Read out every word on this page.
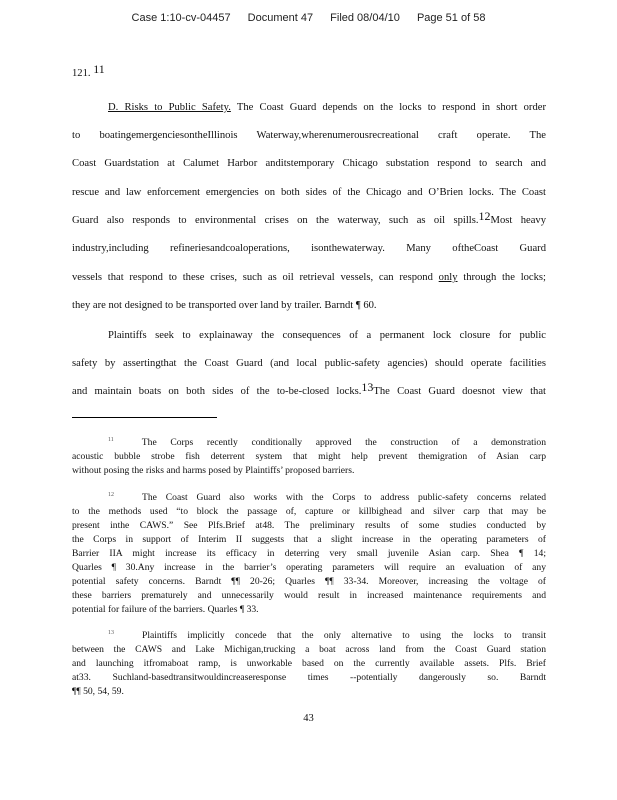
Case 1:10-cv-04457 Document 47 Filed 08/04/10 Page 51 of 58
121. $^{11}$
D. Risks to Public Safety. The Coast Guard depends on the locks to respond in short order
to boatingemergenciesontheIllinois Waterway,wherenumerousrecreational craft operate. The
Coast Guardstation at Calumet Harbor anditstemporary Chicago substation respond to search and
rescue and law enforcement emergencies on both sides of the Chicago and O’Brien locks. The Coast
Guard also responds to environmental crises on the waterway, such as oil spills.$^{12}$Most heavy
industry,including refineriesandcoaloperations, isonthewaterway. Many oftheCoast Guard
vessels that respond to these crises, such as oil retrieval vessels, can respond only through the locks;
they are not designed to be transported over land by trailer. Barndt ¶ 60.
Plaintiffs seek to explainaway the consequences of a permanent lock closure for public
safety by assertingthat the Coast Guard (and local public-safety agencies) should operate facilities
and maintain boats on both sides of the to-be-closed locks.$^{13}$The Coast Guard doesnot view that
$^{11}$	The Corps recently conditionally approved the construction of a demonstration
acoustic bubble strobe fish deterrent system that might help prevent themigration of Asian carp
without posing the risks and harms posed by Plaintiffs’ proposed barriers.
$^{12}$	The Coast Guard also works with the Corps to address public-safety concerns related
to the methods used “to block the passage of, capture or killbighead and silver carp that may be
present inthe CAWS.” See Plfs.Brief at48. The preliminary results of some studies conducted by
the Corps in support of Interim II suggests that a slight increase in the operating parameters of
Barrier IIA might increase its efficacy in deterring very small juvenile Asian carp. Shea ¶ 14;
Quarles ¶ 30.Any increase in the barrier’s operating parameters will require an evaluation of any
potential safety concerns. Barndt ¶¶ 20-26; Quarles ¶¶ 33-34. Moreover, increasing the voltage of
these barriers prematurely and unnecessarily would result in increased maintenance requirements and
potential for failure of the barriers. Quarles ¶ 33.
$^{13}$	Plaintiffs implicitly concede that the only alternative to using the locks to transit
between the CAWS and Lake Michigan,trucking a boat across land from the Coast Guard station
and launching itfromaboat ramp, is unworkable based on the currently available assets. Plfs. Brief
at33. Suchland-basedtransitwouldincreaseresponse times --potentially dangerously so. Barndt
¶¶ 50, 54, 59.
43
